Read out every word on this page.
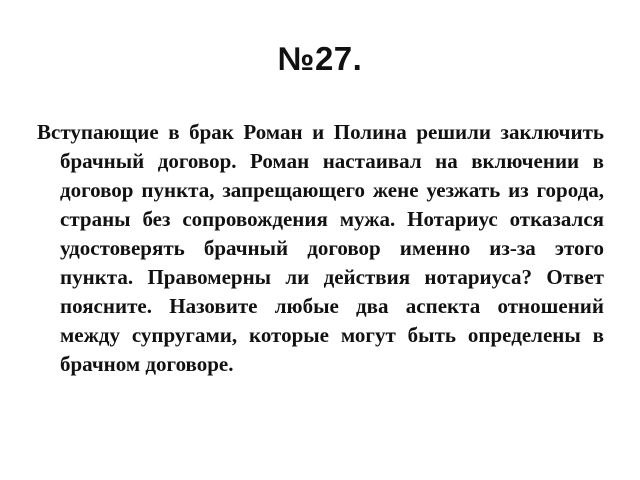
№27.

Вступающие в брак Роман и Полина решили заключить брачный договор. Роман настаивал на включении в договор пункта, запрещающего жене уезжать из города, страны без сопровождения мужа. Нотариус отказался удостоверять брачный договор именно из-за этого пункта. Правомерны ли действия нотариуса? Ответ поясните. Назовите любые два аспекта отношений между супругами, которые могут быть определены в брачном договоре.
